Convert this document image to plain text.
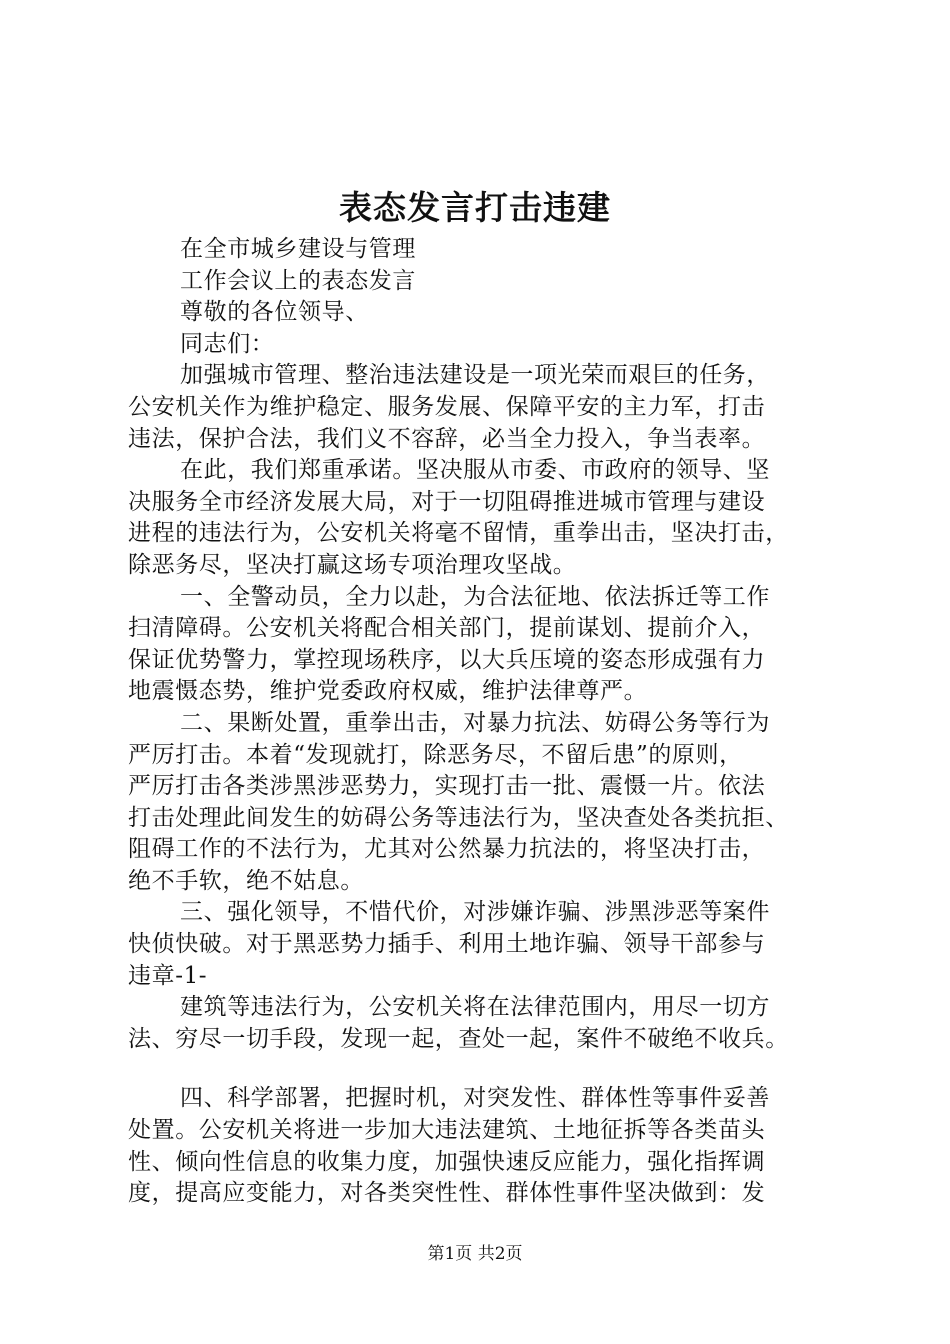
表态发言打击违建

在全市城乡建设与管理

工作会议上的表态发言

尊敬的各位领导、

同志们：

加强城市管理、整治违法建设是一项光荣而艰巨的任务，

公安机关作为维护稳定、服务发展、保障平安的主力军，打击

违法，保护合法，我们义不容辞，必当全力投入，争当表率。

在此，我们郑重承诺。坚决服从市委、市政府的领导、坚

决服务全市经济发展大局，对于一切阻碍推进城市管理与建设

进程的违法行为，公安机关将毫不留情，重拳出击，坚决打击，

除恶务尽，坚决打赢这场专项治理攻坚战。

一、全警动员，全力以赴，为合法征地、依法拆迁等工作

扫清障碍。公安机关将配合相关部门，提前谋划、提前介入，

保证优势警力，掌控现场秩序，以大兵压境的姿态形成强有力

地震慑态势，维护党委政府权威，维护法律尊严。

二、果断处置，重拳出击，对暴力抗法、妨碍公务等行为

严厉打击。本着“发现就打，除恶务尽，不留后患”的原则，

严厉打击各类涉黑涉恶势力，实现打击一批、震慑一片。依法

打击处理此间发生的妨碍公务等违法行为，坚决查处各类抗拒、

阻碍工作的不法行为，尤其对公然暴力抗法的，将坚决打击，

绝不手软，绝不姑息。

三、强化领导，不惜代价，对涉嫌诈骗、涉黑涉恶等案件

快侦快破。对于黑恶势力插手、利用土地诈骗、领导干部参与

违章-1-

建筑等违法行为，公安机关将在法律范围内，用尽一切方

法、穷尽一切手段，发现一起，查处一起，案件不破绝不收兵。

四、科学部署，把握时机，对突发性、群体性等事件妥善

处置。公安机关将进一步加大违法建筑、土地征拆等各类苗头

性、倾向性信息的收集力度，加强快速反应能力，强化指挥调

度，提高应变能力，对各类突性性、群体性事件坚决做到：发

第1页 共2页
